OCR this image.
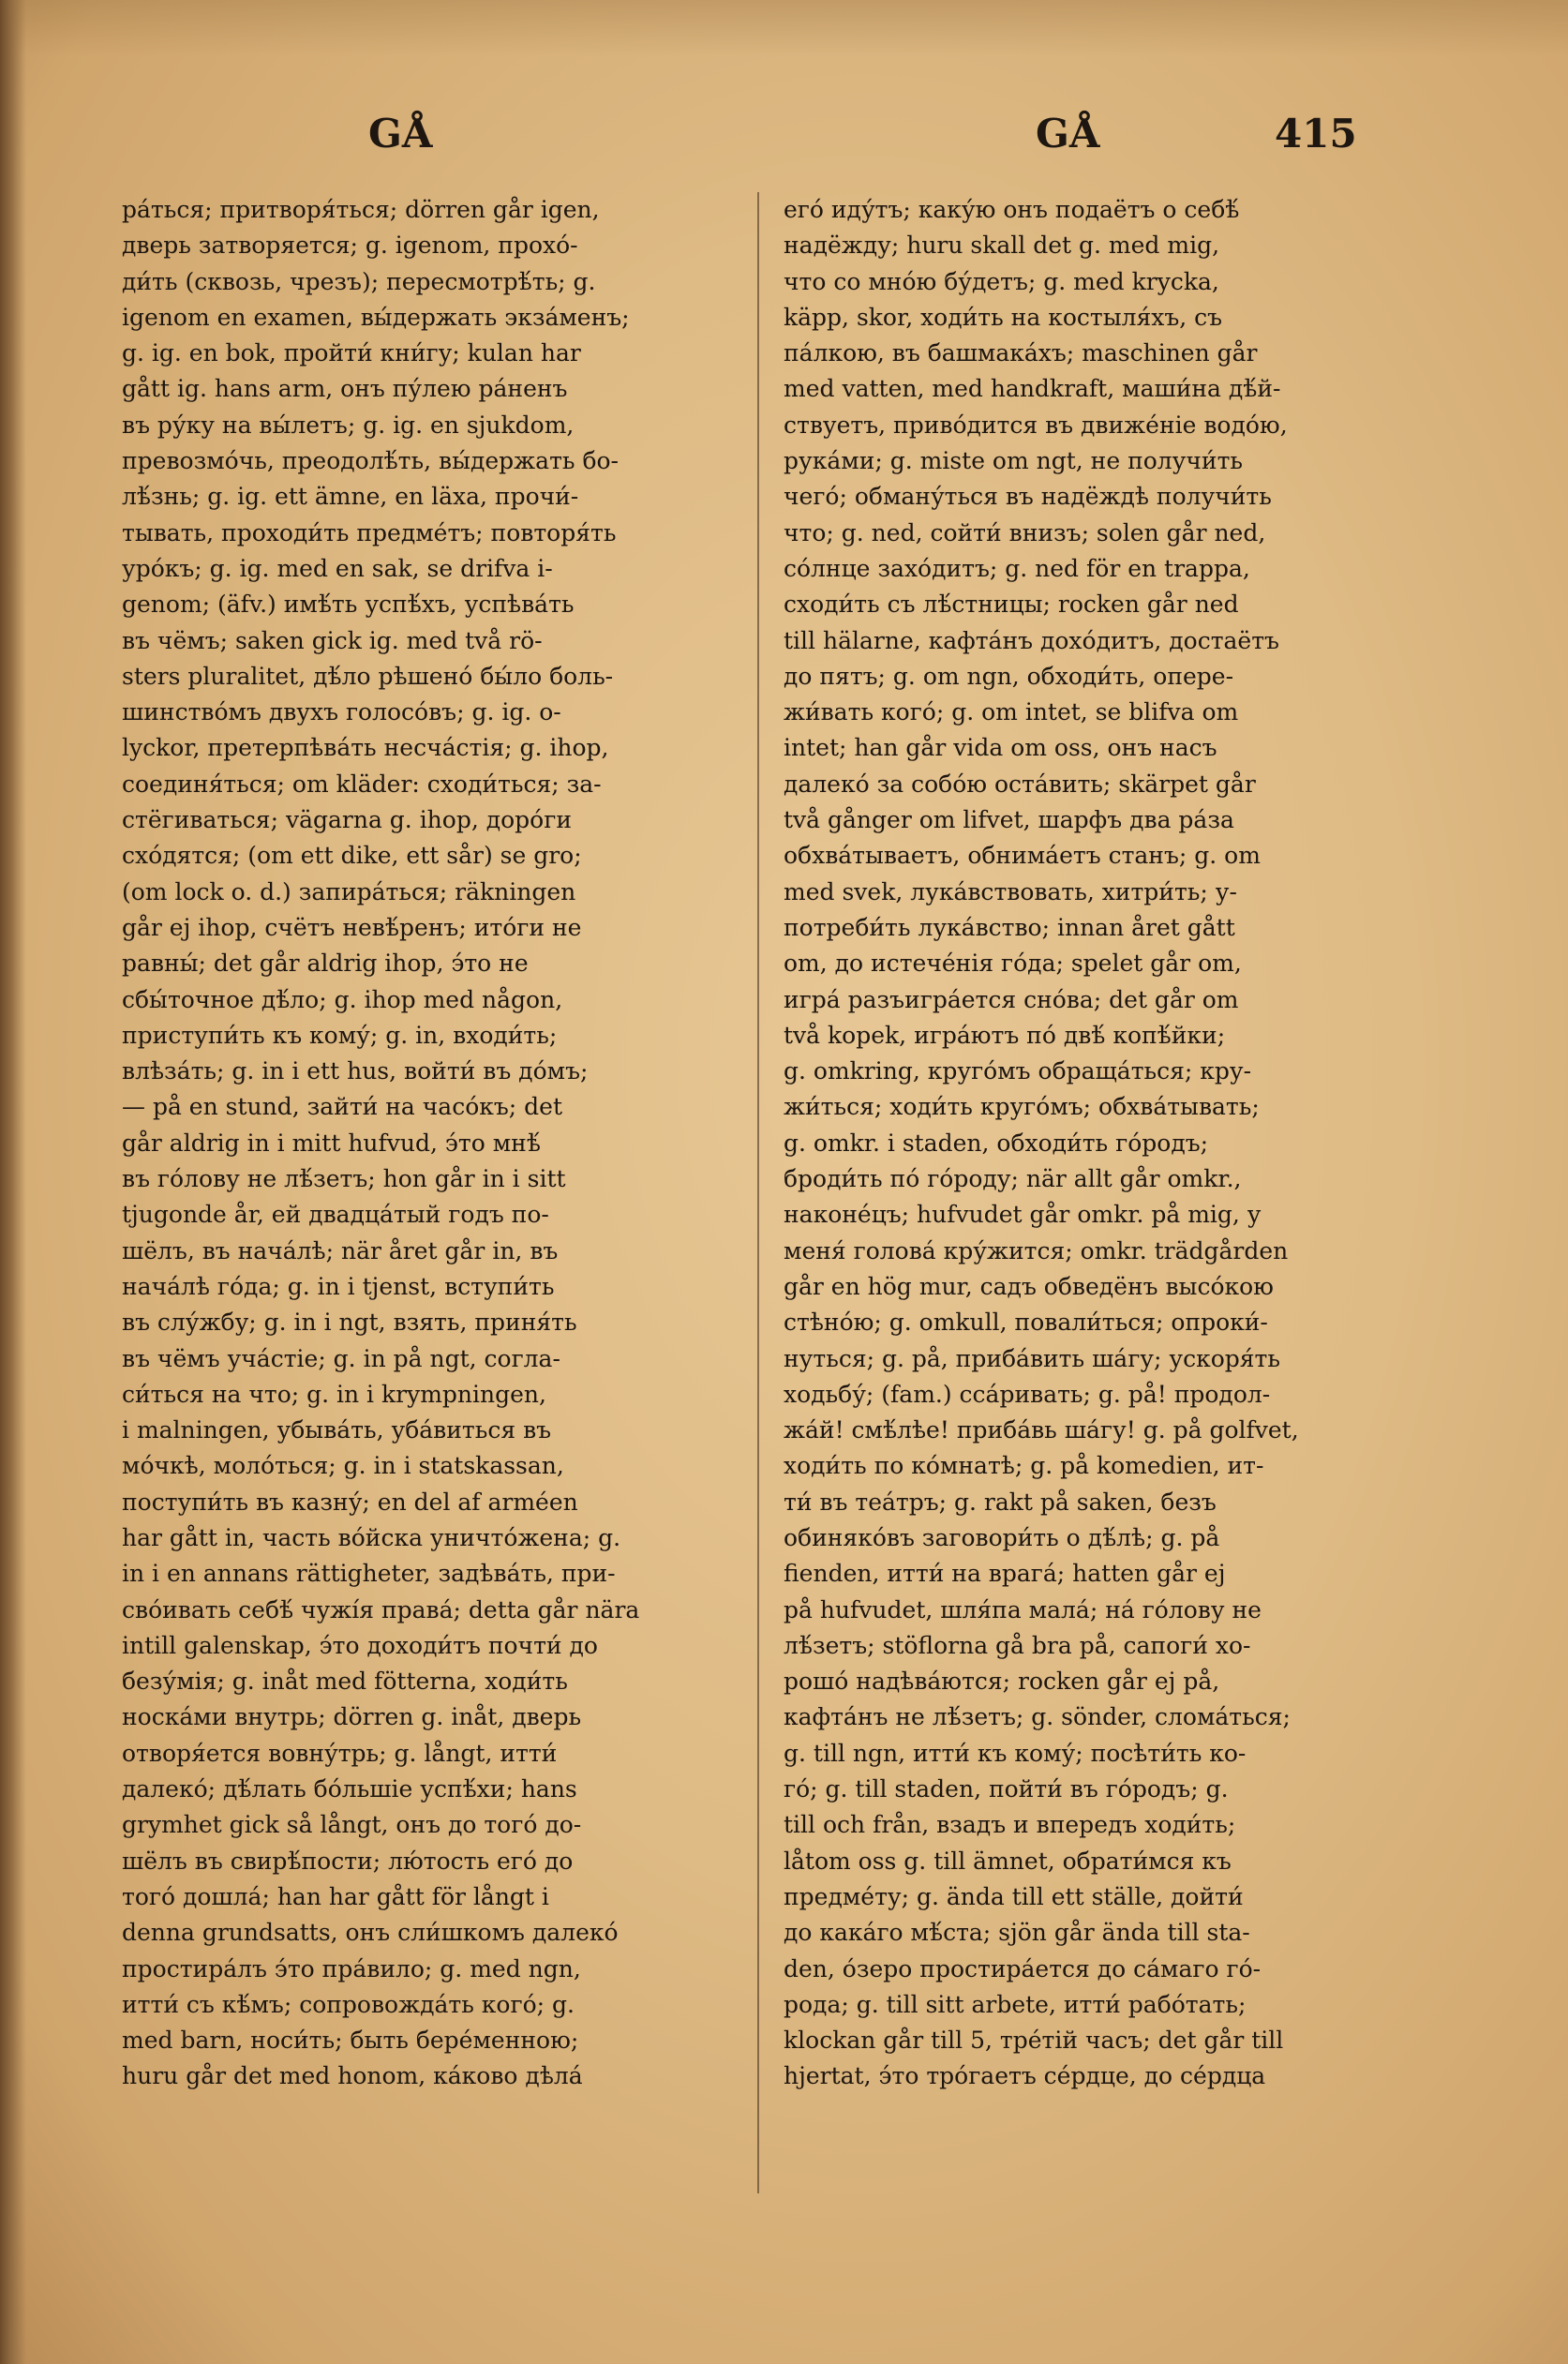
GÅ	GÅ	415
ра́ться; притворя́ться; dörren går igen,
дверь затворяется; g. igenom, прохо́-
ди́ть (сквозь, чрезъ); пересмотрѣ́ть; g.
igenom en examen, вы́держать экза́менъ;
g. ig. en bok, пройти́ кни́гу; kulan har
gått ig. hans arm, онъ пу́лею ра́ненъ
въ ру́ку на вы́летъ; g. ig. en sjukdom,
превозмо́чь, преодолѣ́ть, вы́держать бо-
лѣ́знь; g. ig. ett ämne, en läxa, прочи́-
тывать, проходи́ть предме́тъ; повторя́ть
уро́къ; g. ig. med en sak, se drifva i-
genom; (äfv.) имѣ́ть успѣ́хъ, успѣва́ть
въ чёмъ; saken gick ig. med två rö-
sters pluralitet, дѣ́ло рѣшено́ бы́ло боль-
шинство́мъ двухъ голосо́въ; g. ig. o-
lyckor, претерпѣва́ть несча́стія; g. ihop,
соединя́ться; om kläder: сходи́ться; за-
стёгиваться; vägarna g. ihop, доро́ги
схо́дятся; (om ett dike, ett sår) se gro;
(om lock o. d.) запира́ться; räkningen
går ej ihop, счётъ невѣ́ренъ; ито́ги не
равны́; det går aldrig ihop, э́то не
сбы́точное дѣ́ло; g. ihop med någon,
приступи́ть къ кому́; g. in, входи́ть;
влѣза́ть; g. in i ett hus, войти́ въ до́мъ;
— på en stund, зайти́ на часо́къ; det
går aldrig in i mitt hufvud, э́то мнѣ́
въ го́лову не лѣ́зетъ; hon går in i sitt
tjugonde år, ей двадца́тый годъ по-
шёлъ, въ нача́лѣ; när året går in, въ
нача́лѣ го́да; g. in i tjenst, вступи́ть
въ слу́жбу; g. in i ngt, взять, приня́ть
въ чёмъ уча́стіе; g. in på ngt, согла-
си́ться на что; g. in i krympningen,
i malningen, убыва́ть, уба́виться въ
мо́чкѣ, моло́ться; g. in i statskassan,
поступи́ть въ казну́; en del af arméen
har gått in, часть во́йска уничто́жена; g.
in i en annans rättigheter, задѣва́ть, при-
сво́ивать себѣ́ чужі́я права́; detta går nära
intill galenskap, э́то доходи́тъ почти́ до
безу́мія; g. inåt med fötterna, ходи́ть
носка́ми внутрь; dörren g. inåt, дверь
отворя́ется вовну́трь; g. långt, итти́
далеко́; дѣ́лать бо́льшіе успѣ́хи; hans
grymhet gick så långt, онъ до того́ до-
шёлъ въ свирѣ́пости; лю́тость его́ до
того́ дошла́; han har gått för långt i
denna grundsatts, онъ сли́шкомъ далеко́
простира́лъ э́то пра́вило; g. med ngn,
итти́ съ кѣ́мъ; сопровожда́ть кого́; g.
med barn, носи́ть; быть бере́менною;
huru går det med honom, ка́ково дѣла́
его́ иду́тъ; каку́ю онъ подаётъ о себѣ́
надёжду; huru skall det g. med mig,
что со мно́ю бу́детъ; g. med krycka,
käpp, skor, ходи́ть на костыля́хъ, съ
па́лкою, въ башмака́хъ; maschinen går
med vatten, med handkraft, маши́на дѣ́й-
ствуетъ, приво́дится въ движе́ніе водо́ю,
рука́ми; g. miste om ngt, не получи́ть
чего́; обману́ться въ надёждѣ получи́ть
что; g. ned, сойти́ внизъ; solen går ned,
со́лнце захо́дитъ; g. ned för en trappa,
сходи́ть съ лѣ́стницы; rocken går ned
till hälarne, кафта́нъ дохо́дитъ, достаётъ
до пятъ; g. om ngn, обходи́ть, опере-
жи́вать кого́; g. om intet, se blifva om
intet; han går vida om oss, онъ насъ
далеко́ за собо́ю оста́вить; skärpet går
två gånger om lifvet, шарфъ два ра́за
обхва́тываетъ, обнима́етъ станъ; g. om
med svek, лука́вствовать, хитри́ть; у-
потреби́ть лука́вство; innan året gått
om, до истече́нія го́да; spelet går om,
игра́ разъигра́ется сно́ва; det går om
två kopek, игра́ютъ по́ двѣ́ копѣ́йки;
g. omkring, круго́мъ обраща́ться; кру-
жи́ться; ходи́ть круго́мъ; обхва́тывать;
g. omkr. i staden, обходи́ть го́родъ;
броди́ть по́ го́роду; när allt går omkr.,
наконе́цъ; hufvudet går omkr. på mig, у
меня́ голова́ кру́жится; omkr. trädgården
går en hög mur, садъ обведёнъ высо́кою
стѣно́ю; g. omkull, повали́ться; опроки́-
нуться; g. på, приба́вить ша́гу; ускоря́ть
ходьбу́; (fam.) сса́ривать; g. på! продол-
жа́й! смѣ́лѣе! приба́вь ша́гу! g. på golfvet,
ходи́ть по ко́мнатѣ; g. på komedien, ит-
ти́ въ теа́тръ; g. rakt på saken, безъ
обиняко́въ заговори́ть о дѣ́лѣ; g. på
fienden, итти́ на врага́; hatten går ej
på hufvudet, шля́па мала́; на́ го́лову не
лѣ́зетъ; stöflorna gå bra på, сапоги́ хо-
рошо́ надѣва́ются; rocken går ej på,
кафта́нъ не лѣ́зетъ; g. sönder, слома́ться;
g. till ngn, итти́ къ кому́; посѣти́ть ко-
го́; g. till staden, пойти́ въ го́родъ; g.
till och från, взадъ и впередъ ходи́ть;
låtom oss g. till ämnet, обрати́мся къ
предме́ту; g. ända till ett ställe, дойти́
до кака́го мѣ́ста; sjön går ända till sta-
den, о́зеро простира́ется до са́маго го́-
рода; g. till sitt arbete, итти́ рабо́тать;
klockan går till 5, трéтій часъ; det går till
hjertat, э́то тро́гаетъ се́рдце, до се́рдца
